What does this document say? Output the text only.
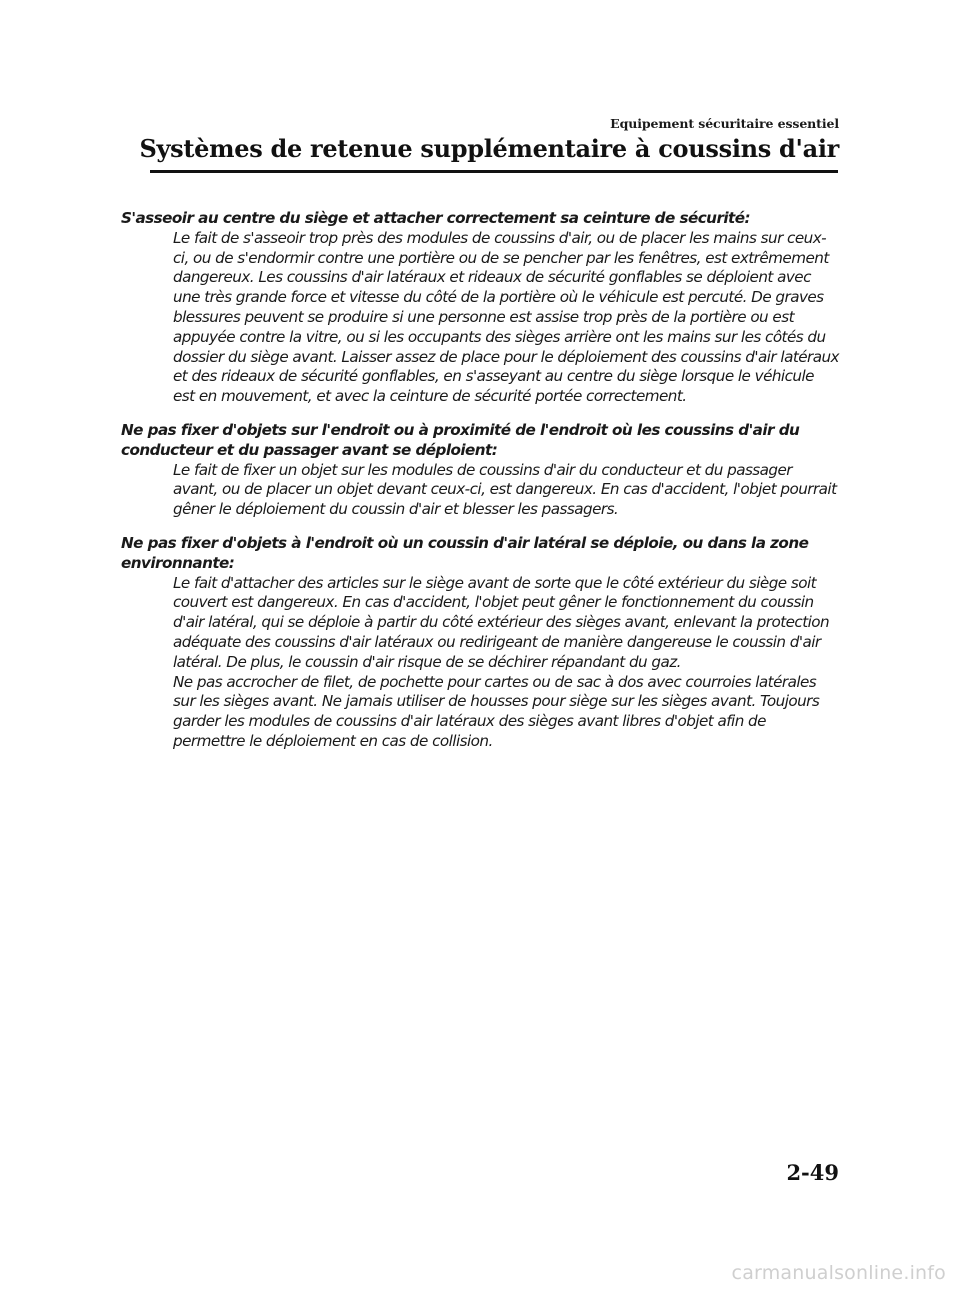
Equipement sécuritaire essentiel
Systèmes de retenue supplémentaire à coussins d'air
S'asseoir au centre du siège et attacher correctement sa ceinture de sécurité:

Le fait de s'asseoir trop près des modules de coussins d'air, ou de placer les mains sur ceux-ci, ou de s'endormir contre une portière ou de se pencher par les fenêtres, est extrêmement dangereux. Les coussins d'air latéraux et rideaux de sécurité gonflables se déploient avec une très grande force et vitesse du côté de la portière où le véhicule est percuté. De graves blessures peuvent se produire si une personne est assise trop près de la portière ou est appuyée contre la vitre, ou si les occupants des sièges arrière ont les mains sur les côtés du dossier du siège avant. Laisser assez de place pour le déploiement des coussins d'air latéraux et des rideaux de sécurité gonflables, en s'asseyant au centre du siège lorsque le véhicule est en mouvement, et avec la ceinture de sécurité portée correctement.

Ne pas fixer d'objets sur l'endroit ou à proximité de l'endroit où les coussins d'air du conducteur et du passager avant se déploient:

Le fait de fixer un objet sur les modules de coussins d'air du conducteur et du passager avant, ou de placer un objet devant ceux-ci, est dangereux. En cas d'accident, l'objet pourrait gêner le déploiement du coussin d'air et blesser les passagers.

Ne pas fixer d'objets à l'endroit où un coussin d'air latéral se déploie, ou dans la zone environnante:

Le fait d'attacher des articles sur le siège avant de sorte que le côté extérieur du siège soit couvert est dangereux. En cas d'accident, l'objet peut gêner le fonctionnement du coussin d'air latéral, qui se déploie à partir du côté extérieur des sièges avant, enlevant la protection adéquate des coussins d'air latéraux ou redirigeant de manière dangereuse le coussin d'air latéral. De plus, le coussin d'air risque de se déchirer répandant du gaz.

Ne pas accrocher de filet, de pochette pour cartes ou de sac à dos avec courroies latérales sur les sièges avant. Ne jamais utiliser de housses pour siège sur les sièges avant. Toujours garder les modules de coussins d'air latéraux des sièges avant libres d'objet afin de permettre le déploiement en cas de collision.

2-49
carmanualsonline.info
